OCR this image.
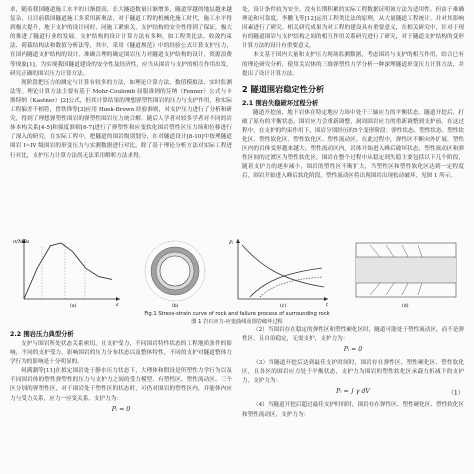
求，随着我国隧道施工水平的日渐提高，长大隧道数量日渐增多，隧道穿越的地层越来越复杂，且目前我国隧道施工多采用新奥法，对于隧道工程的机械化施工时代，施工水平得到极大提升，地下支护的设计同时，同施工紧密关，支护结构的安全性得到了保证，极大的推进了隧道行业的发展。支护结构的设计计算方法有多种，如工程类比法、收敛约束法、荷载结构法和数值分析法等，其中，采用《隧道规范》中的经验公式计算支护压力，在国内隧道支护结构的设计，准确合理的确定围岩压力对隧道支护结构的设计，资源浪费等现象[1]。为实现我国隧道建设的安全性及经济性，应当从围岩与支护的相互作用出发，研究正确的围岩压力计算方法。

现阶段把压力的测定与计算有较多的方法，如理论计算方法、数值模拟法、实时监测法等。理论计算方法主要有基于 Mohr-Coulomb 屈服准则的芬纳（Fenner）公式与卡斯特纳（Kastner）[2]公式，但其计算结果的理想弹塑性围岩的压力与支护作用，和实际工程偏差不相符，曾铁锋等[3]应用 Hoek-Brown 经验准则，对支护压力进行了分析和研究，得到了理想弹塑性围岩的弹塑性围岩压力统合解。随后人学者对较多学者对不同的岩体本构关系[4-5]和强度准则[6-7]进行了弹塑性和应变软化围岩塑性区压力场和位移进行了深入的研究。在实际工程中，把隧道的围岩级别划分，在对隧道设计[8-10]中按理隧道围岩 I~IV 级围岩的形变压力与实测数据进行对比。除了基于理论分析方法对实际工程进行对比，支护压力计算方法尚无法采用解析方法求得。

处，设计条件较为安全。没有长期积累的实际工程数据证明该方法为适用性。但由于难确理论和可靠度，李鹏飞等[12]运用工程类比法的原理，从大量隧道工程统计，并对其影响因素进行了研究。相关研究成果为对工程的建设具有重要意义，在相关研究中，针对于现有的隧道围岩与支护结构之间的相互作用关系研究进行了研究，对于隧道支护结构的变形计算方法的设计有重要意义。

本文基于国内大量和支护压力现场监测数据，考虑围岩与支护的相互作用，结合已有的理论研究分析，使用关岩体的三维弹塑性力学分析一种深埋隧道形变压力计算方法，并提出了设计计算方法。

2 隧道围岩稳定性分析
2.1 围岩失稳破坏过程分析

隧道开挖前，地下岩体在特定地应力场中处于三轴应力的平衡状态。隧道开挖后，打破了原有的平衡状态，围岩应力会重新调整，洞周围岩应力的重新调整到支护前、在这过程中，在支护的约束作用下，围岩分别经历的5个变形阶段：弹性状态、塑性状态、塑性软化区、塑性软化区、塑性软化区、塑性流动区。在此过程中，弹性区不断向外扩展，塑性区内的岩体变形越来越大；塑性流动区内，岩体开始进入峰后破坏状态，塑性流动区和弹性区间的过渡区为塑性软化区，围岩在整个过程中从稳定到失稳主要包括以下几个阶段，随着支护力的逐步减小，围岩的塑性区不断扩大，当塑性区和塑性软化区达到一定程度后，围岩开始进入峰后软化阶段，塑性流动区将出现围岩出现松动破坏，见图 1 所示。

σ/MPa
ε
(a)	(b)
Pᵢ
t
(c)	(d)
Fig.1 Stress-strain curve of rock and failure process of surrounding rock
图 1 岩石应力-应变曲线及围岩破坏过程
2.2 围岩压力典型分析

支护与围岩所处状态关系密切，且支护受力，不同围岩特性状态的工程地质条件的影响，不同的支护受力，影响围岩的压力分布状态以及整体特性，不同的支护对隧道整体力学行为的影响是十分明显的。

何满潮等[11]在拟定围岩处于静水压力状态下，大理体和假设是所塑性力学行为以及不同围岩体的塑性弹塑性的压力与支护力之间的受力模型，有塑性区、塑性流动区、三个区分别的弹塑性区，对于围岩处于塑性区的状态时，可仍对围岩的塑性区内，并能体内应力与受力关系，应力一应变关系，支护力为：

Pᵢ = 0

（2）当围岩存在稳定的弹性区和塑性硬化区时，隧道可能处于塑性流动区，而不是弹性区，且自治稳定，无需支护，支护力为：

Pᵢ = 0

（3）当隧道开挖后达到最佳支护时间时，围岩存在弹性区、塑性硬化区、塑性软化区，且各区的围岩应力处于平衡状态，支护力为围岩的塑性软化区承载力折减下的支护力，支护力为：

Pᵢ = ∫ γ dV	（1）

（4）当隧道开挖后超过最佳支护时间时，围岩存在弹性区、塑性硬化区、塑性软化区和塑性流动区，支护力为：
